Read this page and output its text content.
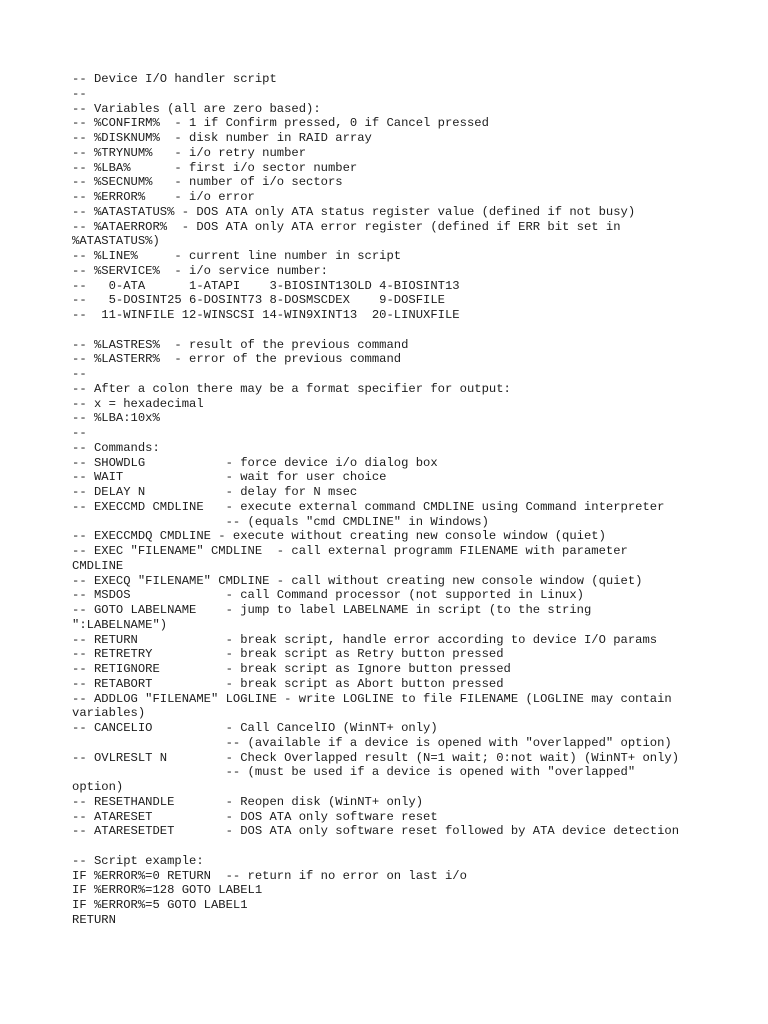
-- Device I/O handler script
--
-- Variables (all are zero based):
-- %CONFIRM%  - 1 if Confirm pressed, 0 if Cancel pressed
-- %DISKNUM%  - disk number in RAID array
-- %TRYNUM%   - i/o retry number
-- %LBA%      - first i/o sector number
-- %SECNUM%   - number of i/o sectors
-- %ERROR%    - i/o error
-- %ATASTATUS% - DOS ATA only ATA status register value (defined if not busy)
-- %ATAERROR%  - DOS ATA only ATA error register (defined if ERR bit set in
%ATASTATUS%)
-- %LINE%     - current line number in script
-- %SERVICE%  - i/o service number:
--   0-ATA      1-ATAPI    3-BIOSINT13OLD 4-BIOSINT13
--   5-DOSINT25 6-DOSINT73 8-DOSMSCDEX    9-DOSFILE
--  11-WINFILE 12-WINSCSI 14-WIN9XINT13  20-LINUXFILE
-- %LASTRES%  - result of the previous command
-- %LASTERR%  - error of the previous command
--
-- After a colon there may be a format specifier for output:
-- x = hexadecimal
-- %LBA:10x%
--
-- Commands:
-- SHOWDLG           - force device i/o dialog box
-- WAIT              - wait for user choice
-- DELAY N           - delay for N msec
-- EXECCMD CMDLINE   - execute external command CMDLINE using Command interpreter
-- (equals "cmd CMDLINE" in Windows)
-- EXECCMDQ CMDLINE - execute without creating new console window (quiet)
-- EXEC "FILENAME" CMDLINE  - call external programm FILENAME with parameter
CMDLINE
-- EXECQ "FILENAME" CMDLINE - call without creating new console window (quiet)
-- MSDOS             - call Command processor (not supported in Linux)
-- GOTO LABELNAME    - jump to label LABELNAME in script (to the string
":LABELNAME")
-- RETURN            - break script, handle error according to device I/O params
-- RETRETRY          - break script as Retry button pressed
-- RETIGNORE         - break script as Ignore button pressed
-- RETABORT          - break script as Abort button pressed
-- ADDLOG "FILENAME" LOGLINE - write LOGLINE to file FILENAME (LOGLINE may contain
variables)
-- CANCELIO          - Call CancelIO (WinNT+ only)
-- (available if a device is opened with "overlapped" option)
-- OVLRESLT N        - Check Overlapped result (N=1 wait; 0:not wait) (WinNT+ only)
-- (must be used if a device is opened with "overlapped"
option)
-- RESETHANDLE       - Reopen disk (WinNT+ only)
-- ATARESET          - DOS ATA only software reset
-- ATARESETDET       - DOS ATA only software reset followed by ATA device detection
-- Script example:
IF %ERROR%=0 RETURN  -- return if no error on last i/o
IF %ERROR%=128 GOTO LABEL1
IF %ERROR%=5 GOTO LABEL1
RETURN
